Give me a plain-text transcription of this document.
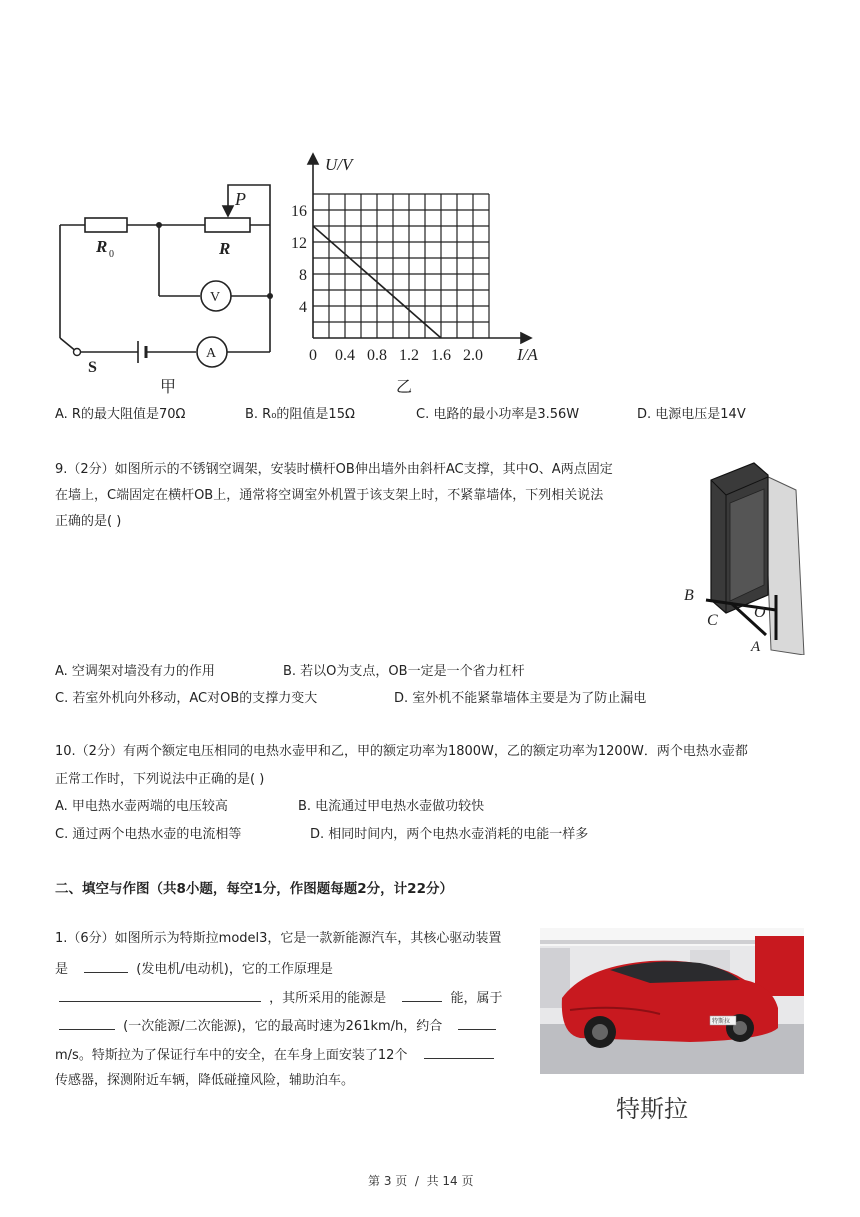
P
R 0	R
V
A
S
甲
16
12
8
4
0 0.4 0.8 1.2 1.6 2.0
U/V
I/A
乙
A. R的最大阻值是70Ω	B. R₀的阻值是15Ω	C. 电路的最小功率是3.56W	D. 电源电压是14V
9.（2分）如图所示的不锈钢空调架，安装时横杆OB伸出墙外由斜杆AC支撑，其中O、A两点固定
在墙上，C端固定在横杆OB上，通常将空调室外机置于该支架上时，不紧靠墙体，下列相关说法
正确的是( )
B
C O
A
A. 空调架对墙没有力的作用	B. 若以O为支点，OB一定是一个省力杠杆
C. 若室外机向外移动，AC对OB的支撑力变大	D. 室外机不能紧靠墙体主要是为了防止漏电
10.（2分）有两个额定电压相同的电热水壶甲和乙，甲的额定功率为1800W，乙的额定功率为1200W．两个电热水壶都
正常工作时，下列说法中正确的是( )
A. 甲电热水壶两端的电压较高	B. 电流通过甲电热水壶做功较快
C. 通过两个电热水壶的电流相等	D. 相同时间内，两个电热水壶消耗的电能一样多
二、填空与作图（共8小题，每空1分，作图题每题2分，计22分）
1.（6分）如图所示为特斯拉model3，它是一款新能源汽车，其核心驱动装置
是	(发电机/电动机)，它的工作原理是
，其所采用的能源是	能，属于
(一次能源/二次能源)，它的最高时速为261km/h，约合
m/s。特斯拉为了保证行车中的安全，在车身上面安装了12个
传感器，探测附近车辆，降低碰撞风险，辅助泊车。
特斯拉
特斯拉
第 3 页  /  共 14 页
